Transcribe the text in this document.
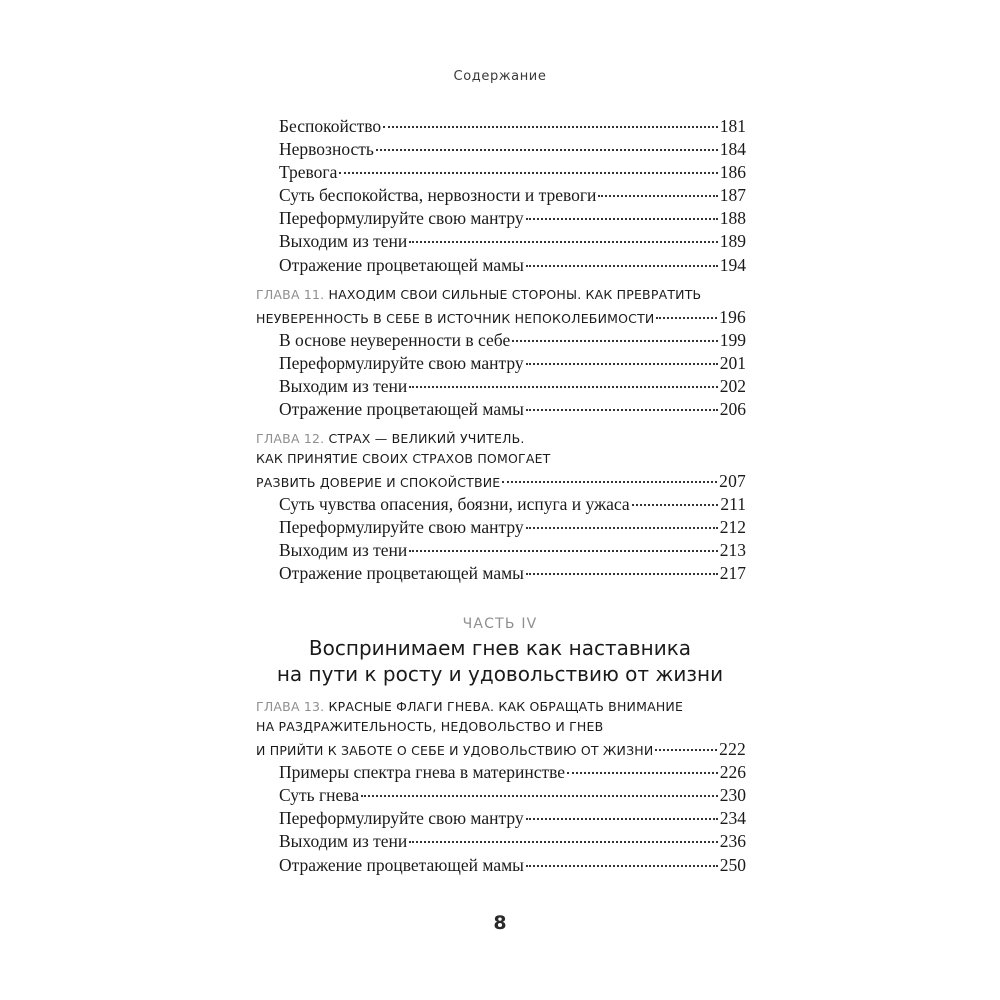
Содержание
Беспокойство	181
Нервозность	184
Тревога	186
Суть беспокойства, нервозности и тревоги	187
Переформулируйте свою мантру	188
Выходим из тени	189
Отражение процветающей мамы	194
ГЛАВА 11.
НАХОДИМ СВОИ СИЛЬНЫЕ СТОРОНЫ. КАК ПРЕВРАТИТЬ
НЕУВЕРЕННОСТЬ В СЕБЕ В ИСТОЧНИК НЕПОКОЛЕБИМОСТИ	196
В основе неуверенности в себе	199
Переформулируйте свою мантру	201
Выходим из тени	202
Отражение процветающей мамы	206
ГЛАВА 12.
СТРАХ — ВЕЛИКИЙ УЧИТЕЛЬ.
КАК ПРИНЯТИЕ СВОИХ СТРАХОВ ПОМОГАЕТ
РАЗВИТЬ ДОВЕРИЕ И СПОКОЙСТВИЕ	207
Суть чувства опасения, боязни, испуга и ужаса	211
Переформулируйте свою мантру	212
Выходим из тени	213
Отражение процветающей мамы	217
ЧАСТЬ IV
Воспринимаем гнев как наставника
на пути к росту и удовольствию от жизни
ГЛАВА 13.
КРАСНЫЕ ФЛАГИ ГНЕВА. КАК ОБРАЩАТЬ ВНИМАНИЕ
НА РАЗДРАЖИТЕЛЬНОСТЬ, НЕДОВОЛЬСТВО И ГНЕВ
И ПРИЙТИ К ЗАБОТЕ О СЕБЕ И УДОВОЛЬСТВИЮ ОТ ЖИЗНИ	222
Примеры спектра гнева в материнстве	226
Суть гнева	230
Переформулируйте свою мантру	234
Выходим из тени	236
Отражение процветающей мамы	250
8
